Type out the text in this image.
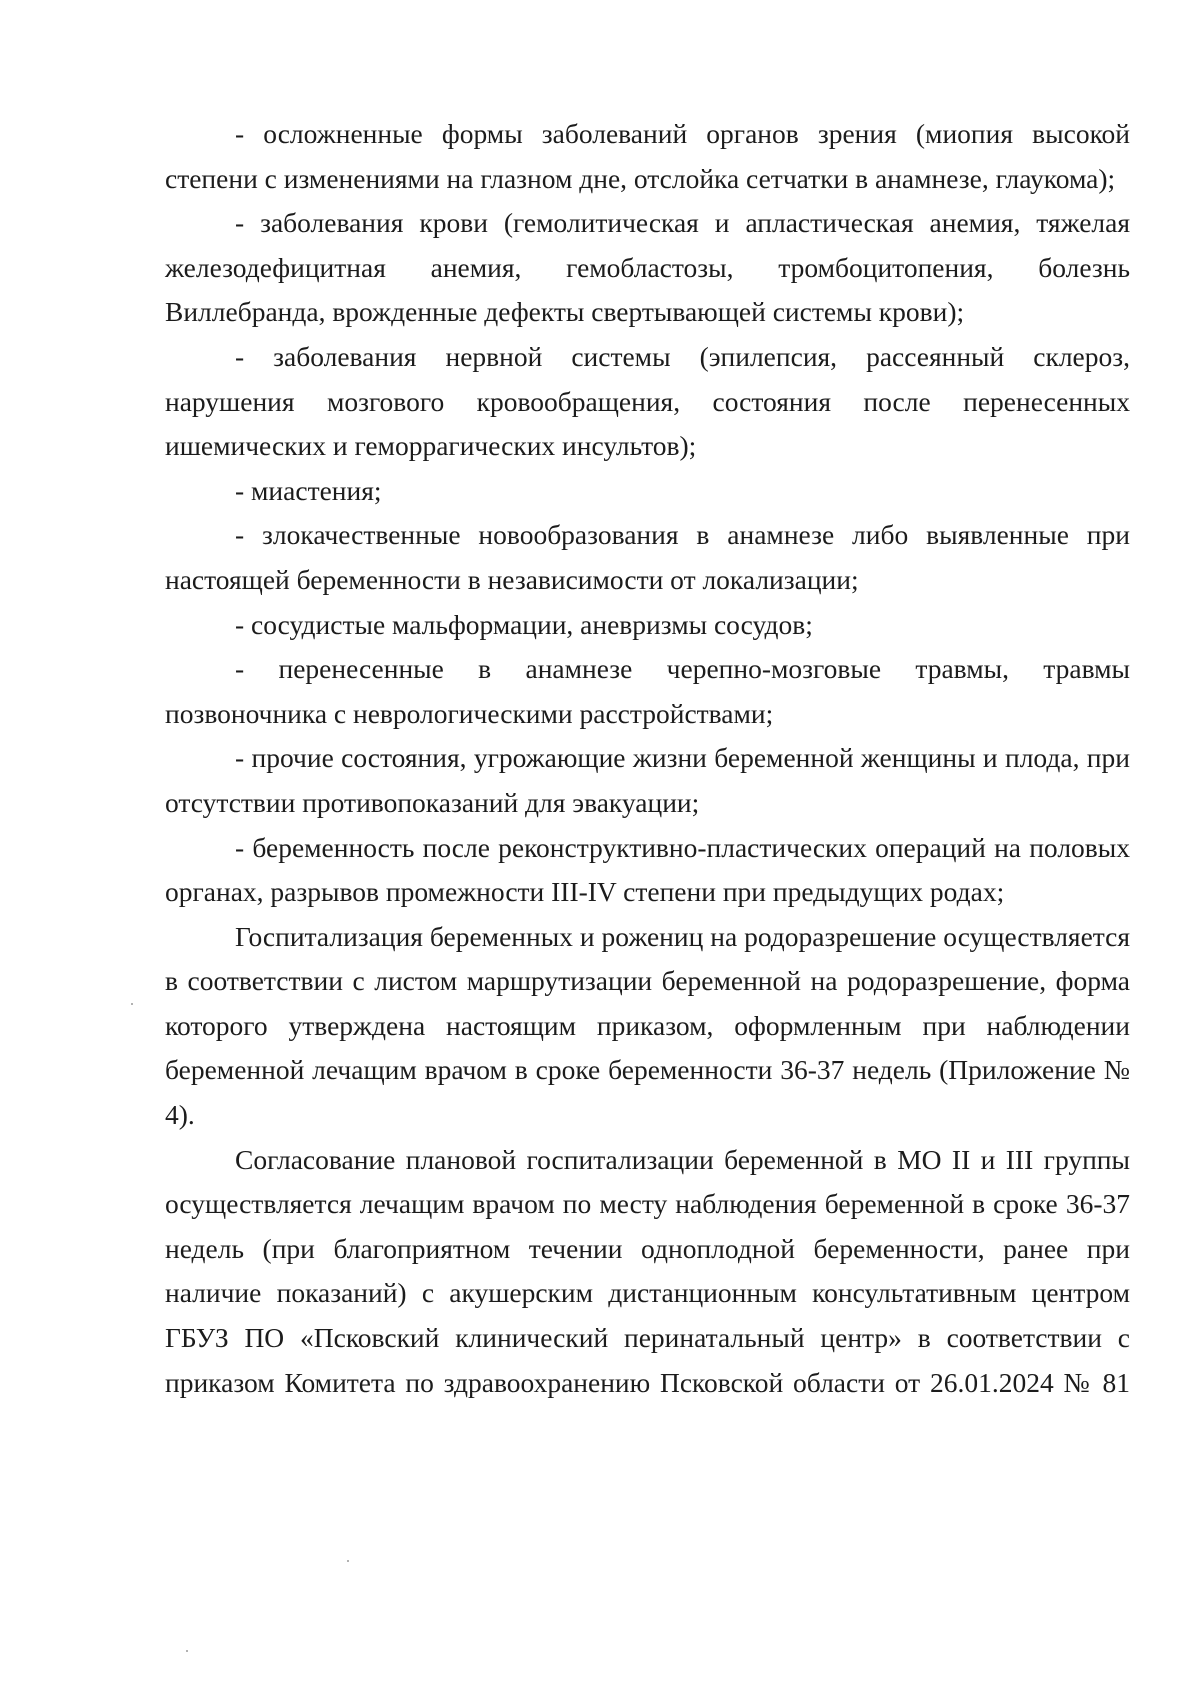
- осложненные формы заболеваний органов зрения (миопия высокой степени с изменениями на глазном дне, отслойка сетчатки в анамнезе, глаукома);

- заболевания крови (гемолитическая и апластическая анемия, тяжелая железодефицитная анемия, гемобластозы, тромбоцитопения, болезнь Виллебранда, врожденные дефекты свертывающей системы крови);

- заболевания нервной системы (эпилепсия, рассеянный склероз, нарушения мозгового кровообращения, состояния после перенесенных ишемических и геморрагических инсультов);

- миастения;

- злокачественные новообразования в анамнезе либо выявленные при настоящей беременности в независимости от локализации;

- сосудистые мальформации, аневризмы сосудов;

- перенесенные в анамнезе черепно-мозговые травмы, травмы позвоночника с неврологическими расстройствами;

- прочие состояния, угрожающие жизни беременной женщины и плода, при отсутствии противопоказаний для эвакуации;

- беременность после реконструктивно-пластических операций на половых органах, разрывов промежности III-IV степени при предыдущих родах;

Госпитализация беременных и рожениц на родоразрешение осуществляется в соответствии с листом маршрутизации беременной на родоразрешение, форма которого утверждена настоящим приказом, оформленным при наблюдении беременной лечащим врачом в сроке беременности 36-37 недель (Приложение № 4).

Согласование плановой госпитализации беременной в МО II и III группы осуществляется лечащим врачом по месту наблюдения беременной в сроке 36-37 недель (при благоприятном течении одноплодной беременности, ранее при наличие показаний) с акушерским дистанционным консультативным центром ГБУЗ ПО «Псковский клинический перинатальный центр» в соответствии с приказом Комитета по здравоохранению Псковской области от 26.01.2024 № 81
